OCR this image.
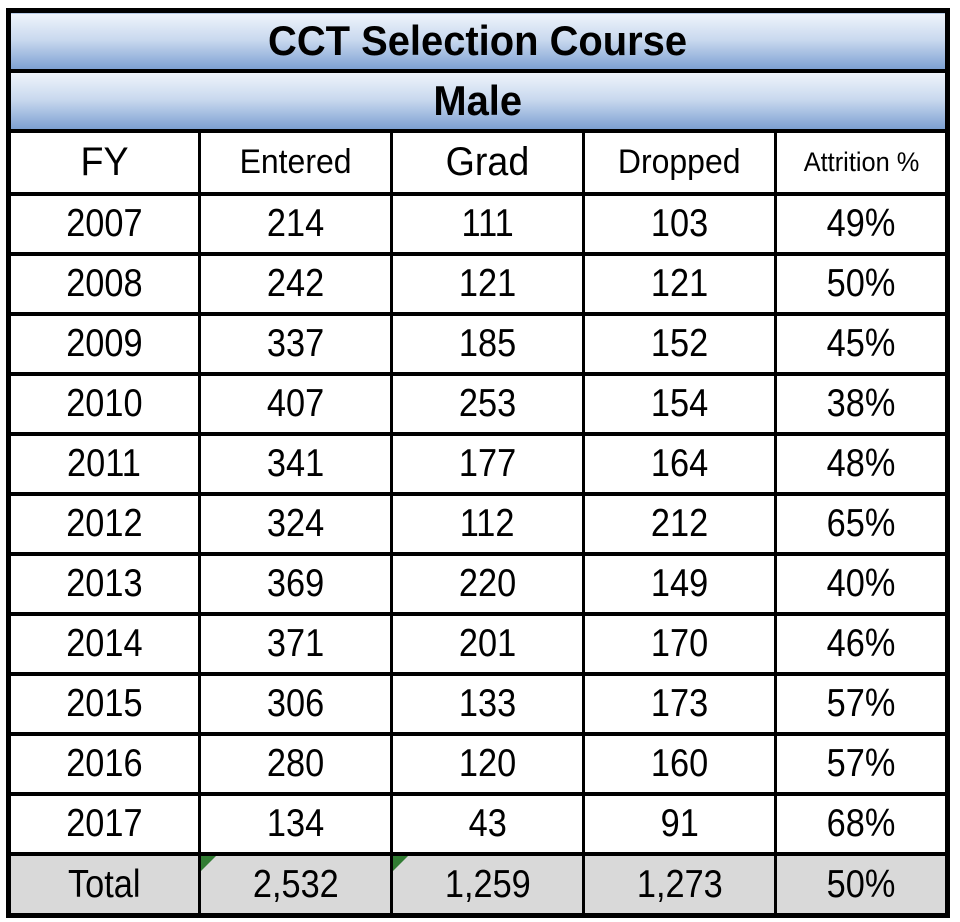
CCT Selection Course				
Male				
FY	Entered	Grad	Dropped	Attrition %
2007	214	111	103	49%
2008	242	121	121	50%
2009	337	185	152	45%
2010	407	253	154	38%
2011	341	177	164	48%
2012	324	112	212	65%
2013	369	220	149	40%
2014	371	201	170	46%
2015	306	133	173	57%
2016	280	120	160	57%
2017	134	43	91	68%
Total	2,532	1,259	1,273	50%
